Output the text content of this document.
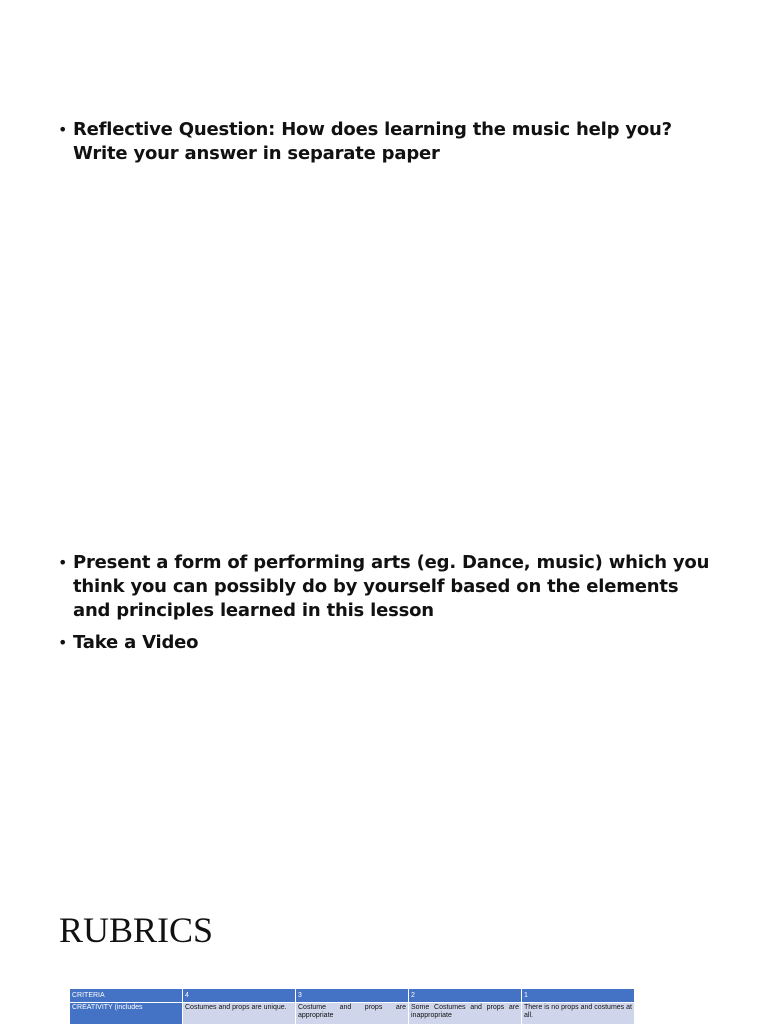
• Reflective Question: How does learning the music help you?Write your answer in separate paper
• Present a form of performing arts (eg. Dance, music) which you think you can possibly do by yourself based on the elements and principles learned in this lesson
• Take a Video
RUBRICS
CRITERIA	4	3	2	1
CREATIVITY (includes	Costumes and props are unique.	Costume and props are appropriate	Some Costumes and props are inappropriate	There is no props and costumes at all.
